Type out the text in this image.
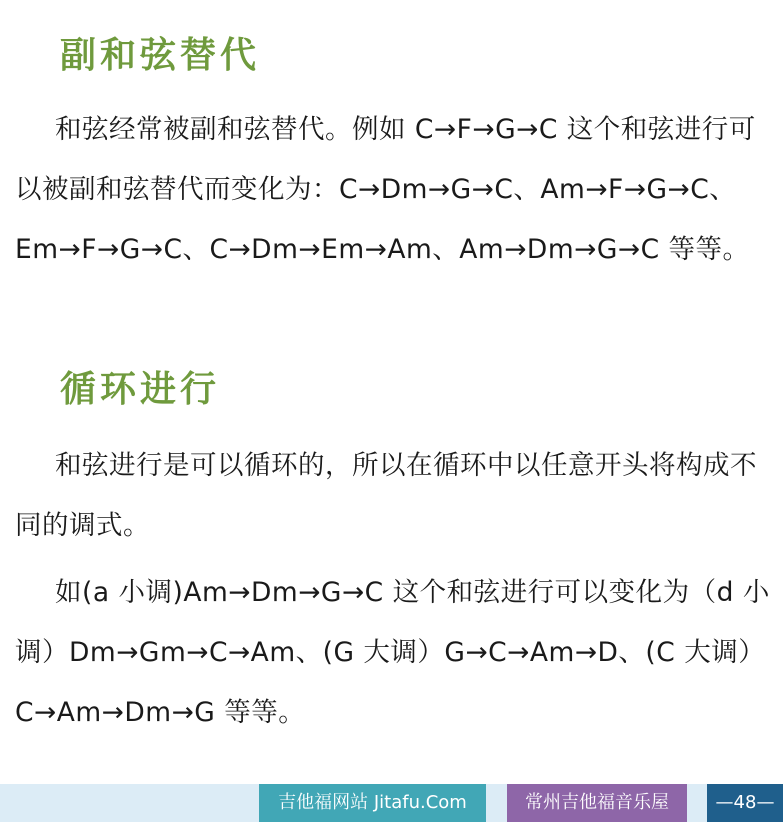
副和弦替代

和弦经常被副和弦替代。例如 C→F→G→C 这个和弦进行可以被副和弦替代而变化为：C→Dm→G→C、Am→F→G→C、Em→F→G→C、C→Dm→Em→Am、Am→Dm→G→C 等等。

循环进行

和弦进行是可以循环的，所以在循环中以任意开头将构成不同的调式。

如(a 小调)Am→Dm→G→C 这个和弦进行可以变化为（d 小调）Dm→Gm→C→Am、(G 大调）G→C→Am→D、(C 大调）C→Am→Dm→G 等等。

吉他福网站 Jitafu.Com	常州吉他福音乐屋	—48—
